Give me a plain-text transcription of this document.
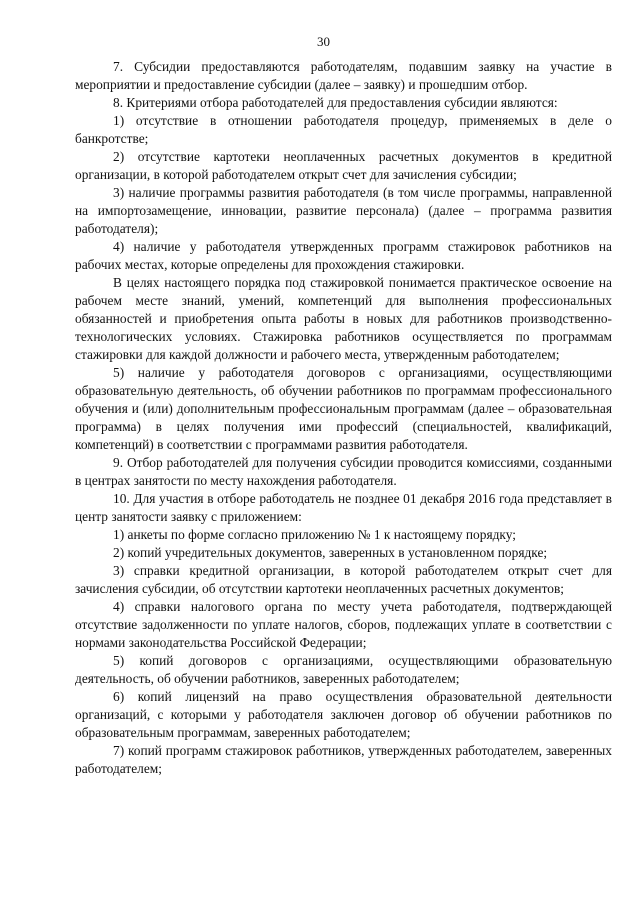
30

7. Субсидии предоставляются работодателям, подавшим заявку на участие в мероприятии и предоставление субсидии (далее – заявку) и прошедшим отбор.

8. Критериями отбора работодателей для предоставления субсидии являются:

1) отсутствие в отношении работодателя процедур, применяемых в деле о банкротстве;

2) отсутствие картотеки неоплаченных расчетных документов в кредитной организации, в которой работодателем открыт счет для зачисления субсидии;

3) наличие программы развития работодателя (в том числе программы, направленной на импортозамещение, инновации, развитие персонала) (далее – программа развития работодателя);

4) наличие у работодателя утвержденных программ стажировок работников на рабочих местах, которые определены для прохождения стажировки.

В целях настоящего порядка под стажировкой понимается практическое освоение на рабочем месте знаний, умений, компетенций для выполнения профессиональных обязанностей и приобретения опыта работы в новых для работников производственно-технологических условиях. Стажировка работников осуществляется по программам стажировки для каждой должности и рабочего места, утвержденным работодателем;

5) наличие у работодателя договоров с организациями, осуществляющими образовательную деятельность, об обучении работников по программам профессионального обучения и (или) дополнительным профессиональным программам (далее – образовательная программа) в целях получения ими профессий (специальностей, квалификаций, компетенций) в соответствии с программами развития работодателя.

9. Отбор работодателей для получения субсидии проводится комиссиями, созданными в центрах занятости по месту нахождения работодателя.

10. Для участия в отборе работодатель не позднее 01 декабря 2016 года представляет в центр занятости заявку с приложением:

1) анкеты по форме согласно приложению № 1 к настоящему порядку;

2) копий учредительных документов, заверенных в установленном порядке;

3) справки кредитной организации, в которой работодателем открыт счет для зачисления субсидии, об отсутствии картотеки неоплаченных расчетных документов;

4) справки налогового органа по месту учета работодателя, подтверждающей отсутствие задолженности по уплате налогов, сборов, подлежащих уплате в соответствии с нормами законодательства Российской Федерации;

5) копий договоров с организациями, осуществляющими образовательную деятельность, об обучении работников, заверенных работодателем;

6) копий лицензий на право осуществления образовательной деятельности организаций, с которыми у работодателя заключен договор об обучении работников по образовательным программам, заверенных работодателем;

7) копий программ стажировок работников, утвержденных работодателем, заверенных работодателем;
